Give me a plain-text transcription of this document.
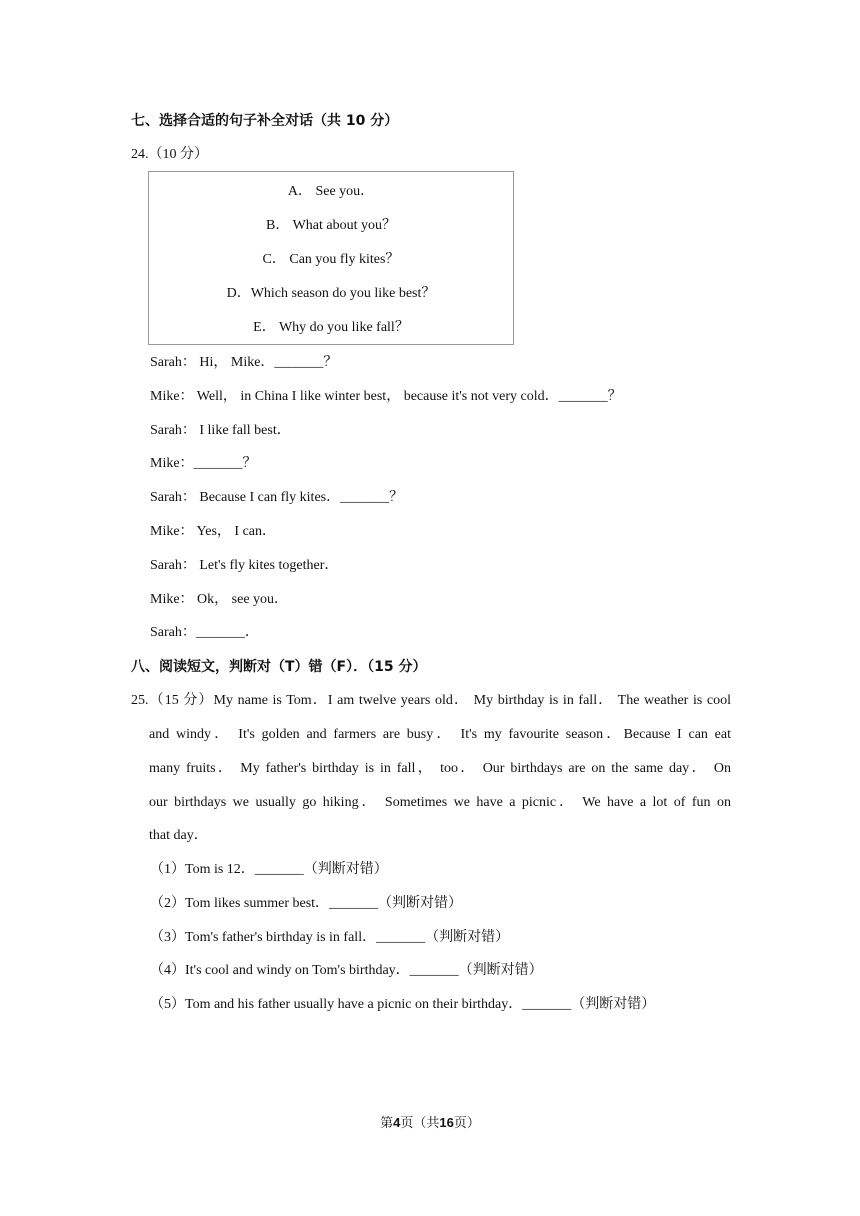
七、选择合适的句子补全对话（共 10 分）
24.（10 分）
A． See you．
B． What about you？
C． Can you fly kites？
D．Which season do you like best？
E． Why do you like fall？
Sarah： Hi， Mike．_______？
Mike： Well， in China I like winter best， because it's not very cold．_______？
Sarah： I like fall best．
Mike：_______？
Sarah： Because I can fly kites．_______？
Mike： Yes， I can．
Sarah： Let's fly kites together．
Mike： Ok， see you．
Sarah：_______．
八、阅读短文，判断对（T）错（F）．（15 分）
25.（15 分）My name is Tom．I am twelve years old． My birthday is in fall． The weather is cool
and windy． It's golden and farmers are busy． It's my favourite season．Because I can eat
many fruits． My father's birthday is in fall， too． Our birthdays are on the same day． On
our birthdays we usually go hiking． Sometimes we have a picnic． We have a lot of fun on
that day．
（1）Tom is 12．_______（判断对错）
（2）Tom likes summer best．_______（判断对错）
（3）Tom's father's birthday is in fall．_______（判断对错）
（4）It's cool and windy on Tom's birthday．_______（判断对错）
（5）Tom and his father usually have a picnic on their birthday．_______（判断对错）
第4页（共16页）
